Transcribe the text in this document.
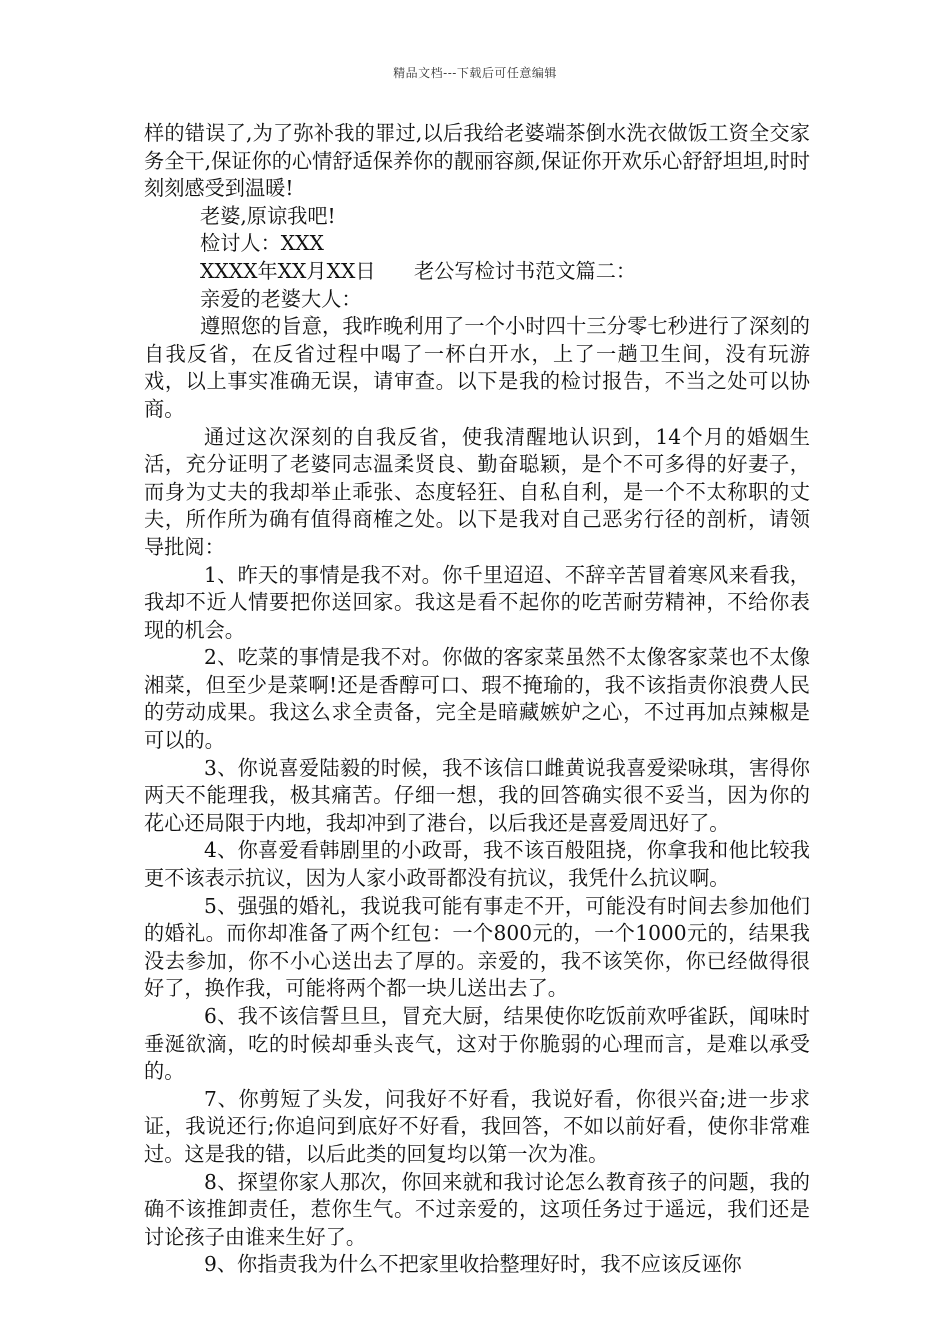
精品文档---下载后可任意编辑

样的错误了,为了弥补我的罪过,以后我给老婆端茶倒水洗衣做饭工资全交家务全干,保证你的心情舒适保养你的靓丽容颜,保证你开欢乐心舒舒坦坦,时时刻刻感受到温暖!

老婆,原谅我吧!

检讨人：XXX

XXXX年XX月XX日      老公写检讨书范文篇二：

亲爱的老婆大人：

遵照您的旨意，我昨晚利用了一个小时四十三分零七秒进行了深刻的自我反省，在反省过程中喝了一杯白开水，上了一趟卫生间，没有玩游戏，以上事实准确无误，请审查。以下是我的检讨报告，不当之处可以协商。

通过这次深刻的自我反省，使我清醒地认识到，14个月的婚姻生活，充分证明了老婆同志温柔贤良、勤奋聪颖，是个不可多得的好妻子，而身为丈夫的我却举止乖张、态度轻狂、自私自利，是一个不太称职的丈夫，所作所为确有值得商榷之处。以下是我对自己恶劣行径的剖析，请领导批阅：

1、昨天的事情是我不对。你千里迢迢、不辞辛苦冒着寒风来看我，我却不近人情要把你送回家。我这是看不起你的吃苦耐劳精神，不给你表现的机会。

2、吃菜的事情是我不对。你做的客家菜虽然不太像客家菜也不太像湘菜，但至少是菜啊!还是香醇可口、瑕不掩瑜的，我不该指责你浪费人民的劳动成果。我这么求全责备，完全是暗藏嫉妒之心，不过再加点辣椒是可以的。

3、你说喜爱陆毅的时候，我不该信口雌黄说我喜爱梁咏琪，害得你两天不能理我，极其痛苦。仔细一想，我的回答确实很不妥当，因为你的花心还局限于内地，我却冲到了港台，以后我还是喜爱周迅好了。

4、你喜爱看韩剧里的小政哥，我不该百般阻挠，你拿我和他比较我更不该表示抗议，因为人家小政哥都没有抗议，我凭什么抗议啊。

5、强强的婚礼，我说我可能有事走不开，可能没有时间去参加他们的婚礼。而你却准备了两个红包：一个800元的，一个1000元的，结果我没去参加，你不小心送出去了厚的。亲爱的，我不该笑你，你已经做得很好了，换作我，可能将两个都一块儿送出去了。

6、我不该信誓旦旦，冒充大厨，结果使你吃饭前欢呼雀跃，闻味时垂涎欲滴，吃的时候却垂头丧气，这对于你脆弱的心理而言，是难以承受的。

7、你剪短了头发，问我好不好看，我说好看，你很兴奋;进一步求证，我说还行;你追问到底好不好看，我回答，不如以前好看，使你非常难过。这是我的错，以后此类的回复均以第一次为准。

8、探望你家人那次，你回来就和我讨论怎么教育孩子的问题，我的确不该推卸责任，惹你生气。不过亲爱的，这项任务过于遥远，我们还是讨论孩子由谁来生好了。

9、你指责我为什么不把家里收拾整理好时，我不应该反诬你
